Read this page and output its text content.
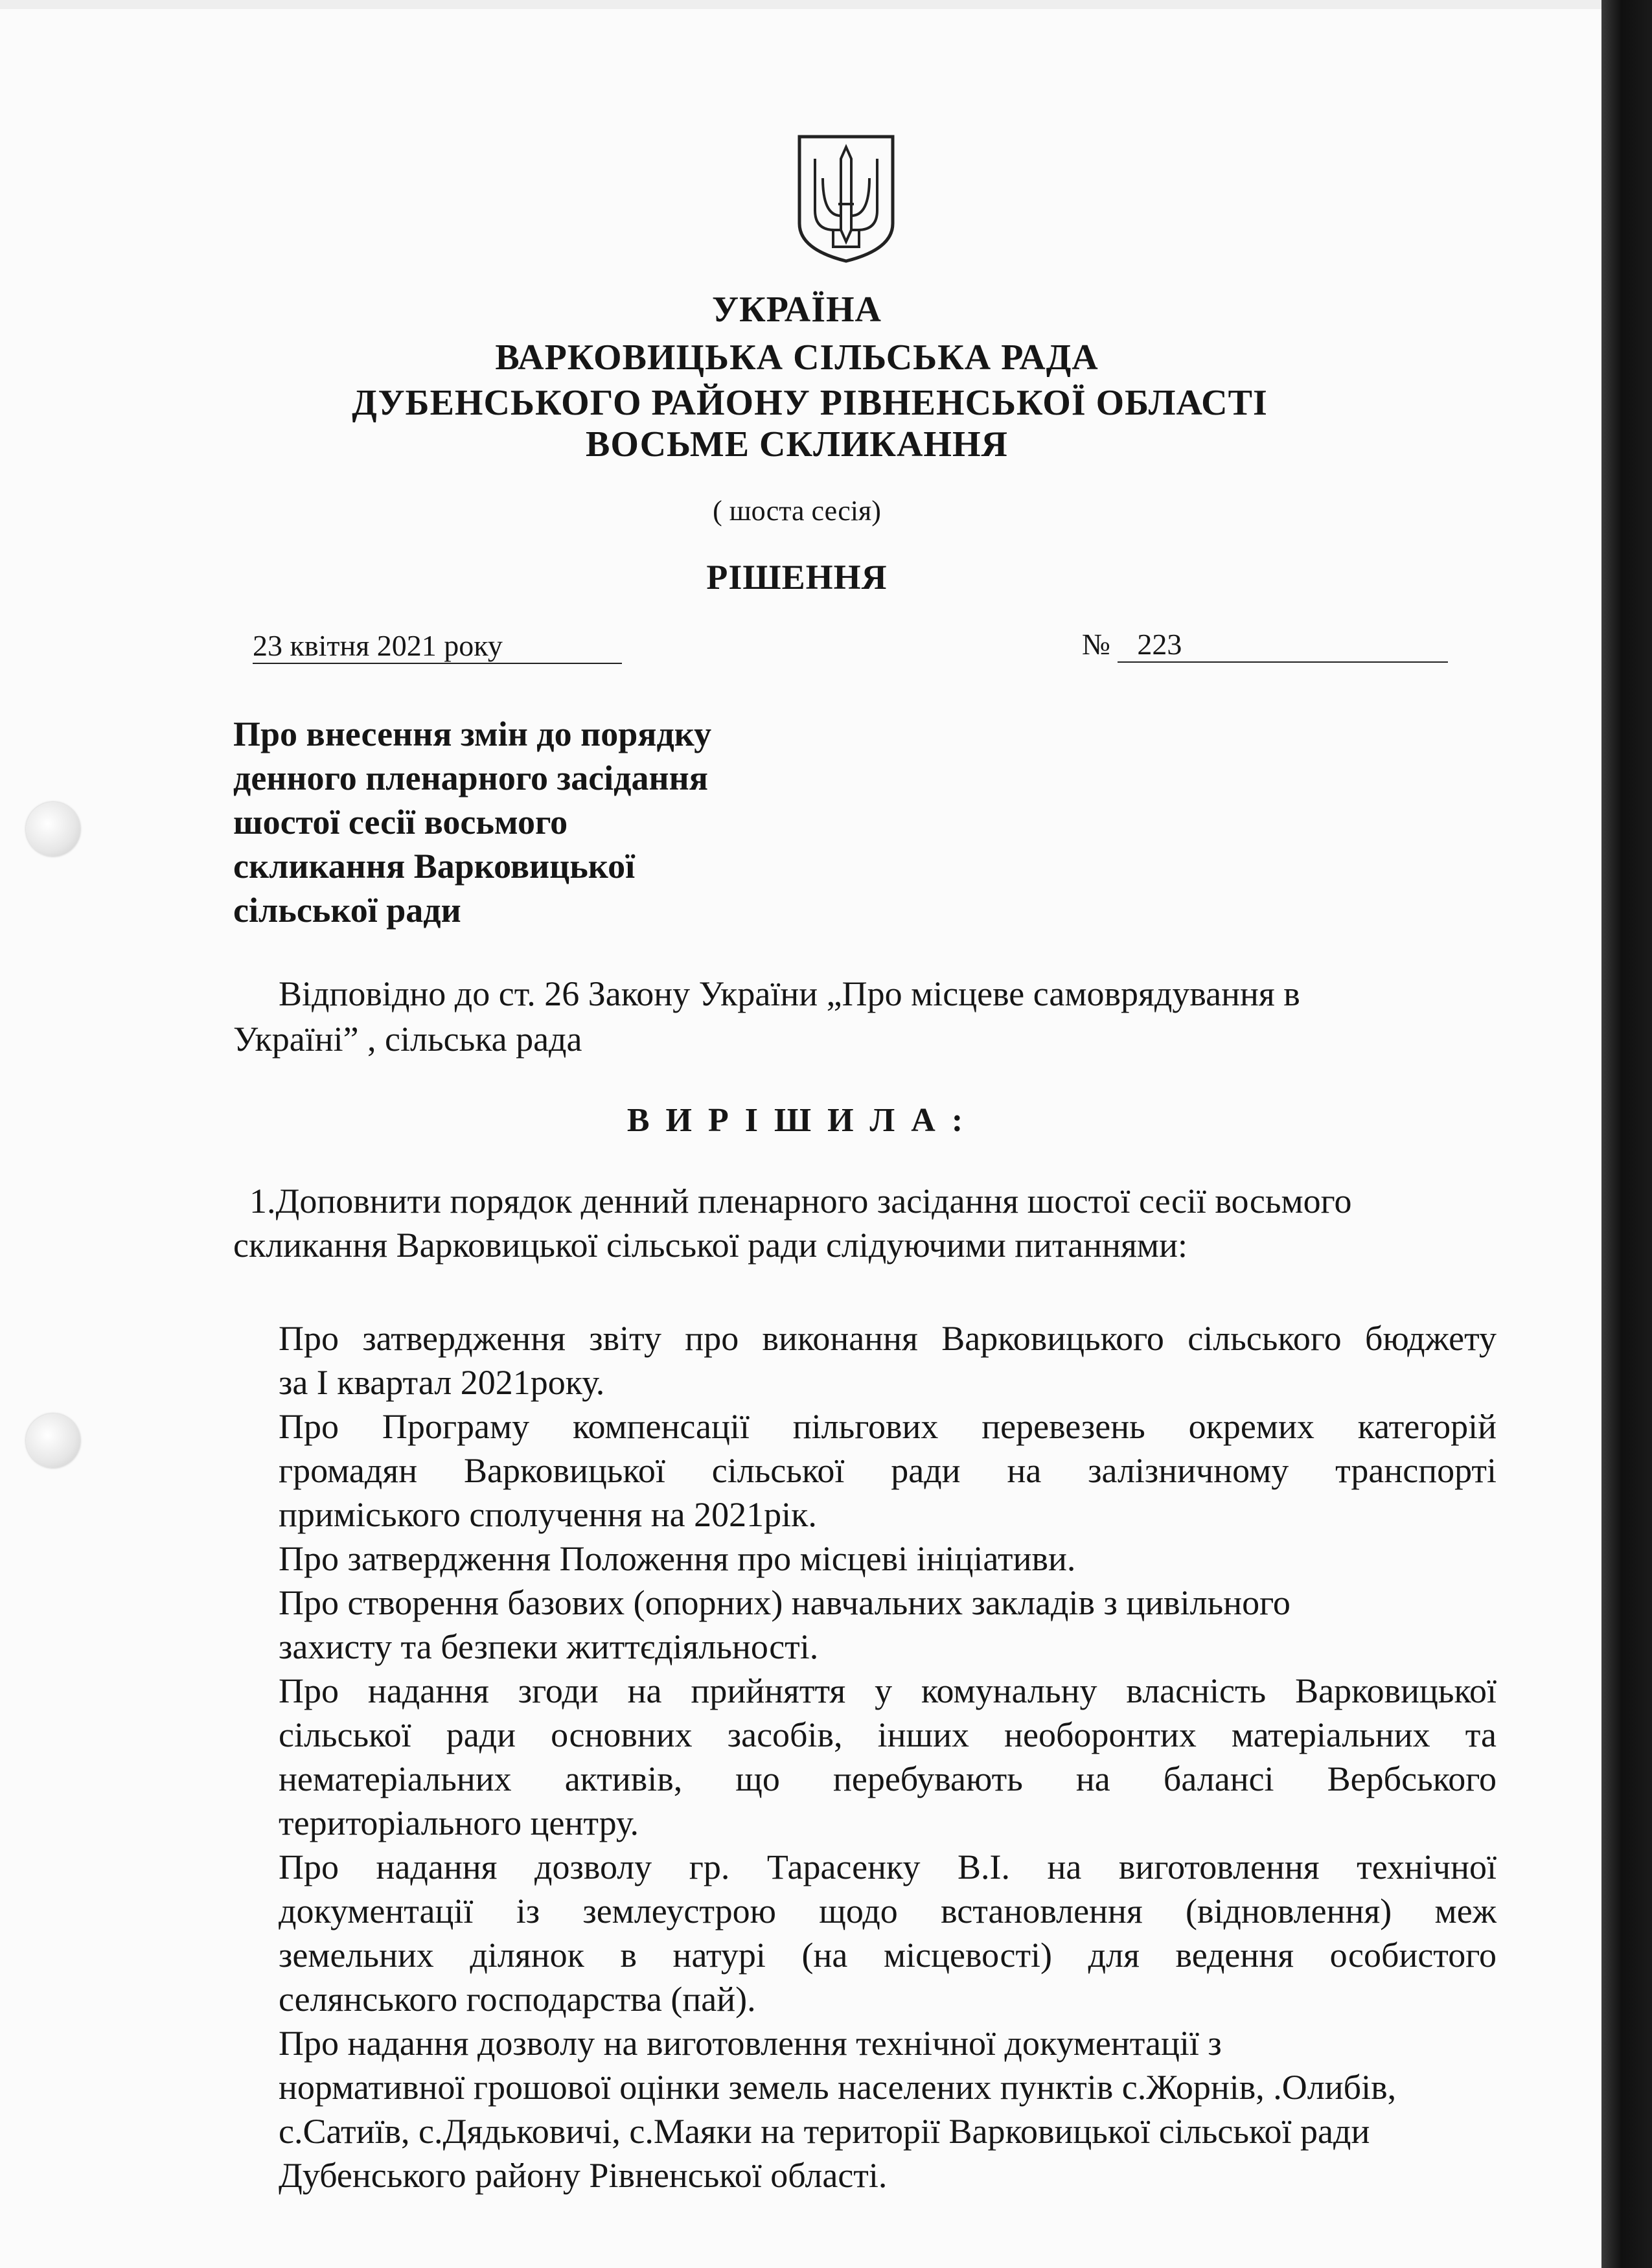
УКРАЇНА
ВАРКОВИЦЬКА СІЛЬСЬКА РАДА
ДУБЕНСЬКОГО РАЙОНУ РІВНЕНСЬКОЇ ОБЛАСТІ
ВОСЬМЕ СКЛИКАННЯ
( шоста сесія)
РІШЕННЯ
23 квітня 2021 року	№ 223
Про внесення змін до порядку
денного пленарного засідання
шостої сесії восьмого
скликання Варковицької
сільської ради
Відповідно до ст. 26 Закону України „Про місцеве самоврядування в
Україні” , сільська рада
В И Р І Ш И Л А :
1.Доповнити порядок денний пленарного засідання шостої сесії восьмого
скликання Варковицької сільської ради слідуючими питаннями:
Про затвердження звіту про виконання Варковицького сільського бюджету
за I квартал 2021року.
Про Програму компенсації пільгових перевезень окремих категорій
громадян Варковицької сільської ради на залізничному транспорті
приміського сполучення на 2021рік.
Про затвердження Положення про місцеві ініціативи.
Про створення базових (опорних) навчальних закладів з цивільного
захисту та безпеки життєдіяльності.
Про надання згоди на прийняття у комунальну власність Варковицької
сільської ради основних засобів, інших необоронтих матеріальних та
нематеріальних активів, що перебувають на балансі Вербського
територіального центру.
Про надання дозволу гр. Тарасенку В.І. на виготовлення технічної
документації із землеустрою щодо встановлення (відновлення) меж
земельних ділянок в натурі (на місцевості) для ведення особистого
селянського господарства (пай).
Про надання дозволу на виготовлення технічної документації з
нормативної грошової оцінки земель населених пунктів с.Жорнів, .Олибів,
с.Сатиїв, с.Дядьковичі, с.Маяки на території Варковицької сільської ради
Дубенського району Рівненської області.
